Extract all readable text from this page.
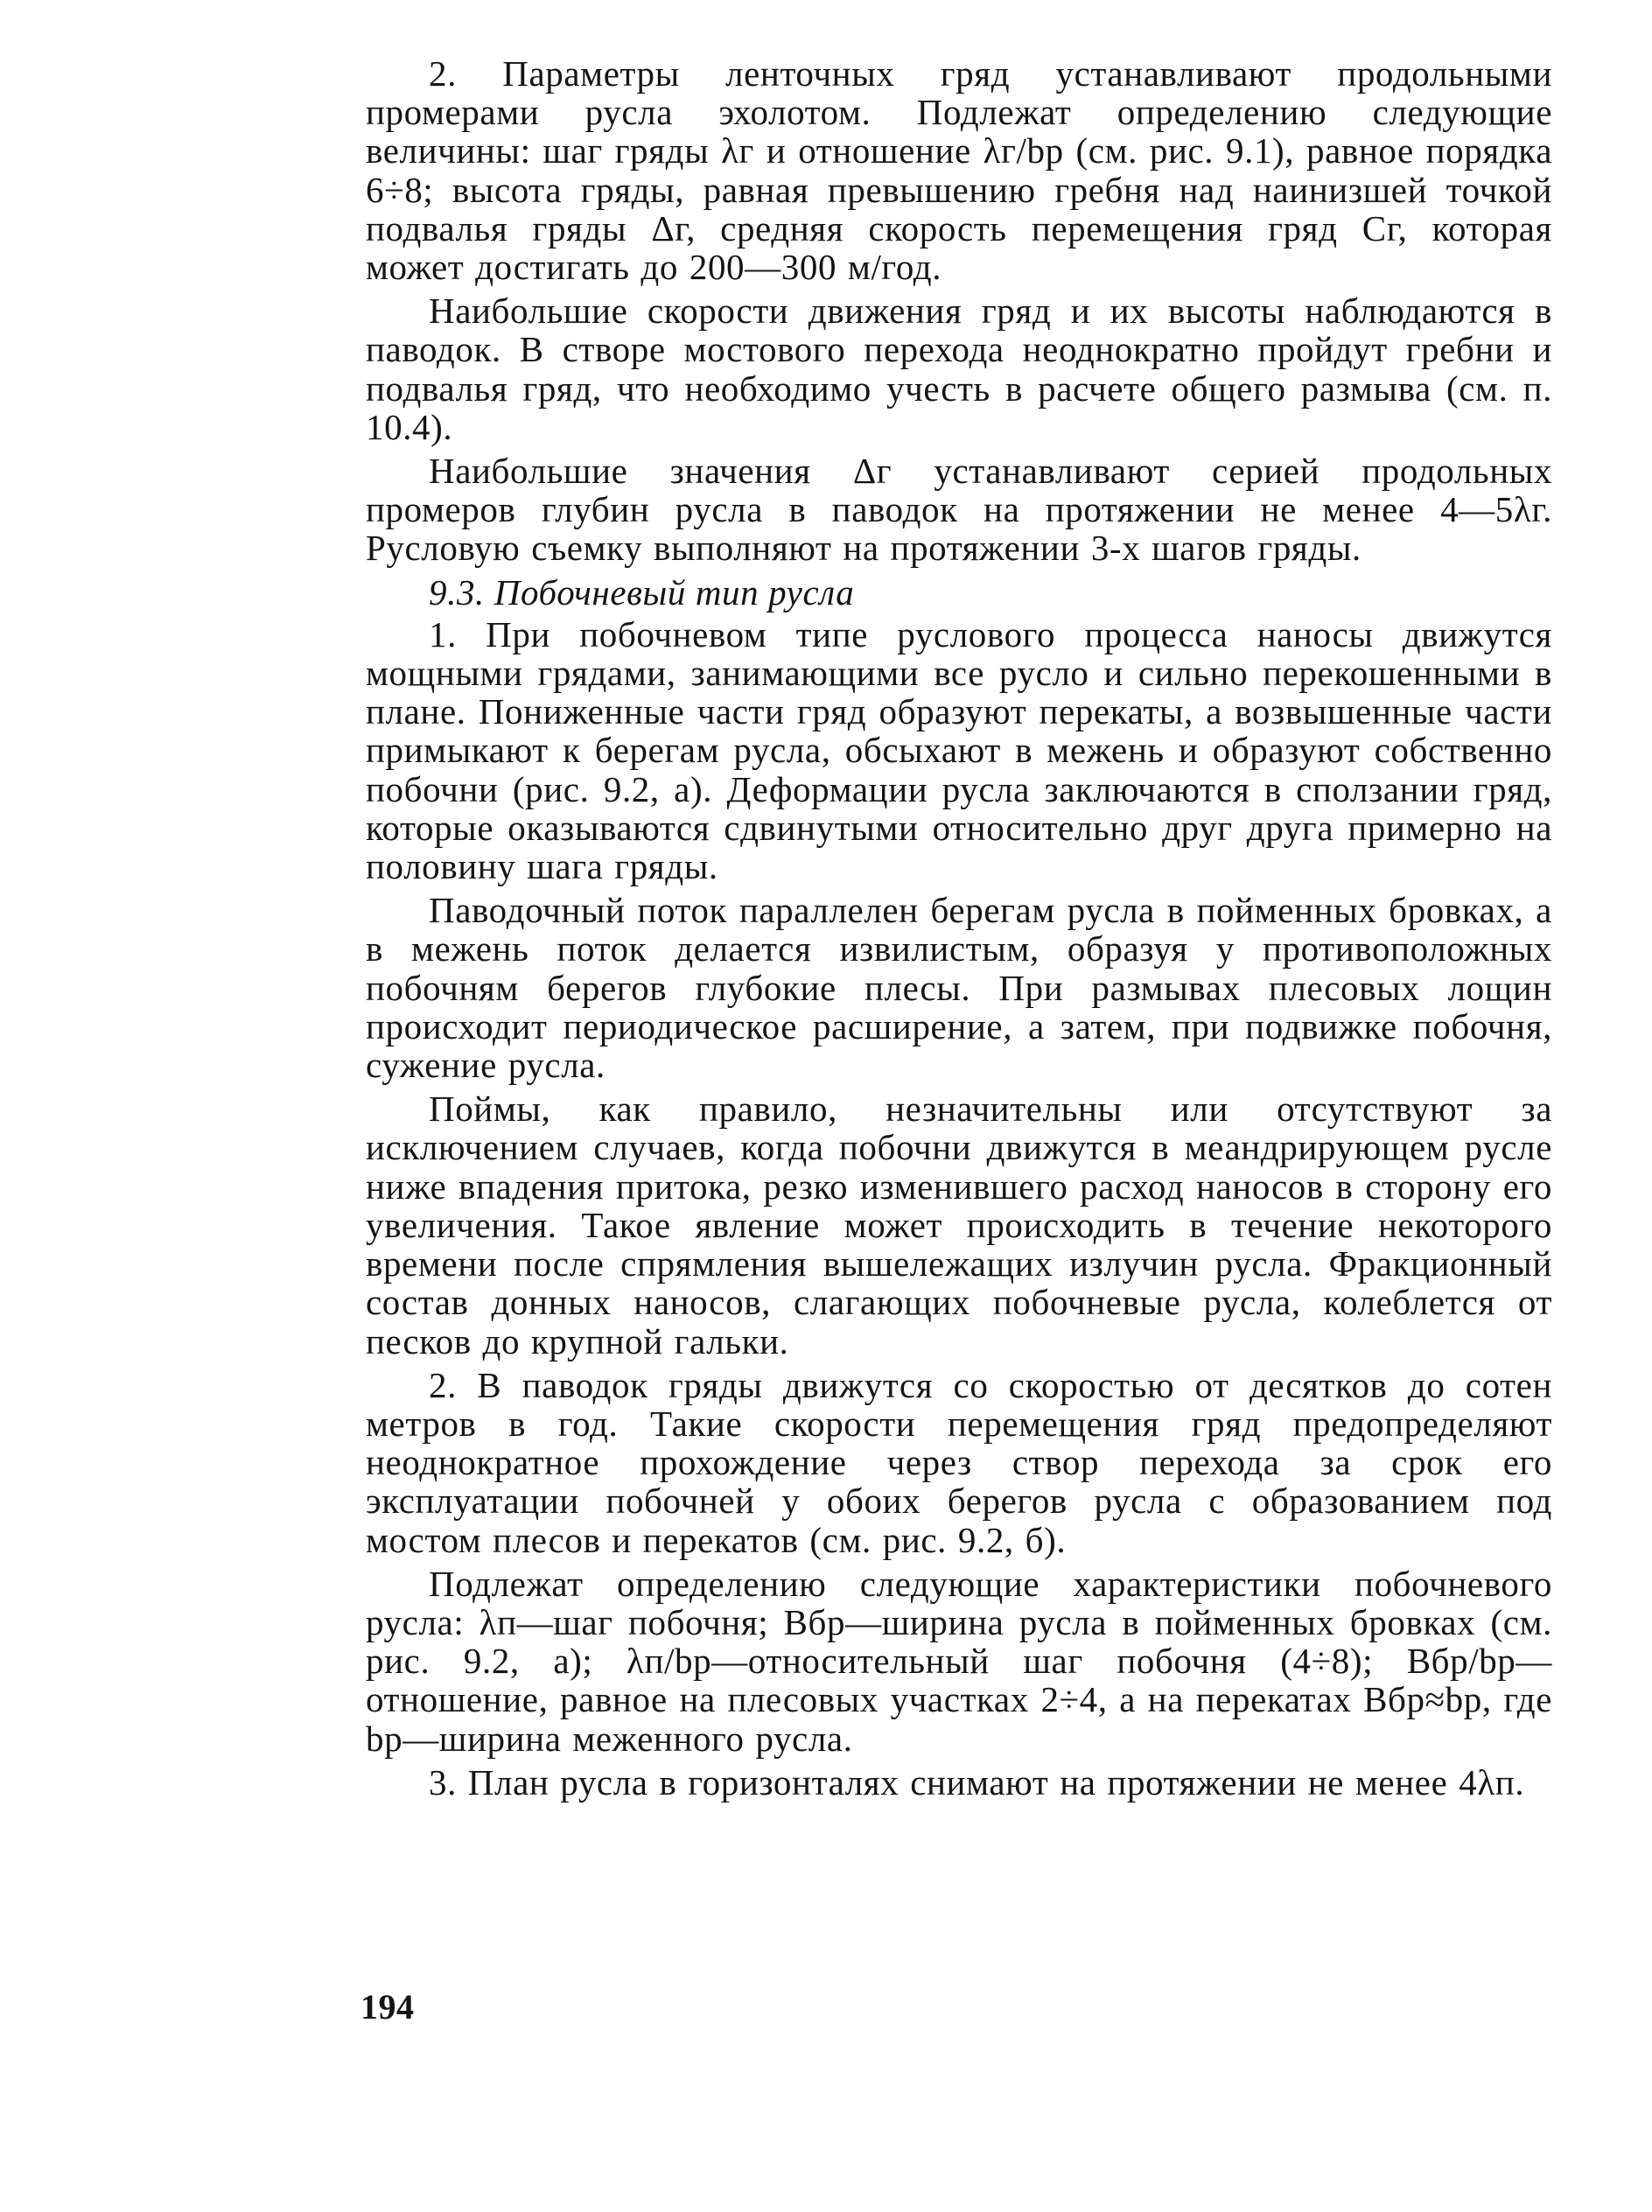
2. Параметры ленточных гряд устанавливают продольными промерами русла эхолотом. Подлежат определению следующие величины: шаг гряды λг и отношение λг/bр (см. рис. 9.1), равное порядка 6÷8; высота гряды, равная превышению гребня над наинизшей точкой подвалья гряды Δг, средняя скорость перемещения гряд Cг, которая может достигать до 200—300 м/год.

Наибольшие скорости движения гряд и их высоты наблюдаются в паводок. В створе мостового перехода неоднократно пройдут гребни и подвалья гряд, что необходимо учесть в расчете общего размыва (см. п. 10.4).

Наибольшие значения Δг устанавливают серией продольных промеров глубин русла в паводок на протяжении не менее 4—5λг. Русловую съемку выполняют на протяжении 3-х шагов гряды.

9.3. Побочневый тип русла

1. При побочневом типе руслового процесса наносы движутся мощными грядами, занимающими все русло и сильно перекошенными в плане. Пониженные части гряд образуют перекаты, а возвышенные части примыкают к берегам русла, обсыхают в межень и образуют собственно побочни (рис. 9.2, а). Деформации русла заключаются в сползании гряд, которые оказываются сдвинутыми относительно друг друга примерно на половину шага гряды.

Паводочный поток параллелен берегам русла в пойменных бровках, а в межень поток делается извилистым, образуя у противоположных побочням берегов глубокие плесы. При размывах плесовых лощин происходит периодическое расширение, а затем, при подвижке побочня, сужение русла.

Поймы, как правило, незначительны или отсутствуют за исключением случаев, когда побочни движутся в меандрирующем русле ниже впадения притока, резко изменившего расход наносов в сторону его увеличения. Такое явление может происходить в течение некоторого времени после спрямления вышележащих излучин русла. Фракционный состав донных наносов, слагающих побочневые русла, колеблется от песков до крупной гальки.

2. В паводок гряды движутся со скоростью от десятков до сотен метров в год. Такие скорости перемещения гряд предопределяют неоднократное прохождение через створ перехода за срок его эксплуатации побочней у обоих берегов русла с образованием под мостом плесов и перекатов (см. рис. 9.2, б).

Подлежат определению следующие характеристики побочневого русла: λп—шаг побочня; Bбр—ширина русла в пойменных бровках (см. рис. 9.2, а); λп/bр—относительный шаг побочня (4÷8); Bбр/bр—отношение, равное на плесовых участках 2÷4, а на перекатах Bбр≈bр, где bр—ширина меженного русла.

3. План русла в горизонталях снимают на протяжении не менее 4λп.

194
